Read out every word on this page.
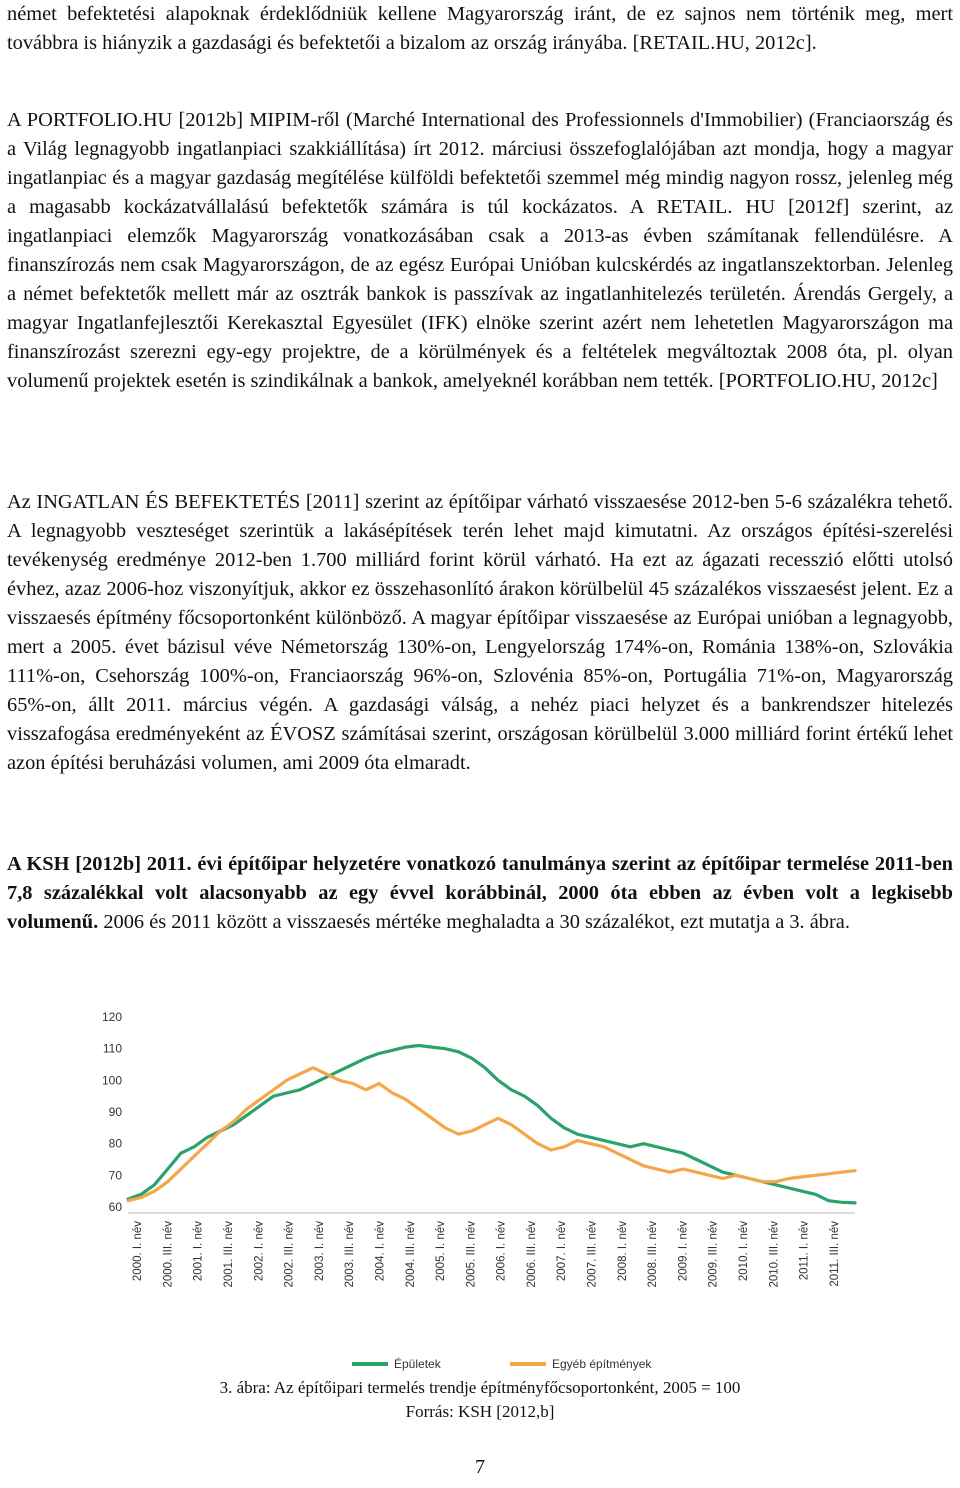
német befektetési alapoknak érdeklődniük kellene Magyarország iránt, de ez sajnos nem történik meg, mert továbbra is hiányzik a gazdasági és befektetői a bizalom az ország irányába. [RETAIL.HU, 2012c].

A PORTFOLIO.HU [2012b] MIPIM-ről (Marché International des Professionnels d'Immobilier) (Franciaország és a Világ legnagyobb ingatlanpiaci szakkiállítása) írt 2012. márciusi összefoglalójában azt mondja, hogy a magyar ingatlanpiac és a magyar gazdaság megítélése külföldi befektetői szemmel még mindig nagyon rossz, jelenleg még a magasabb kockázatvállalású befektetők számára is túl kockázatos. A RETAIL. HU [2012f] szerint, az ingatlanpiaci elemzők Magyarország vonatkozásában csak a 2013-as évben számítanak fellendülésre. A finanszírozás nem csak Magyarországon, de az egész Európai Unióban kulcskérdés az ingatlanszektorban. Jelenleg a német befektetők mellett már az osztrák bankok is passzívak az ingatlanhitelezés területén. Árendás Gergely, a magyar Ingatlanfejlesztői Kerekasztal Egyesület (IFK) elnöke szerint azért nem lehetetlen Magyarországon ma finanszírozást szerezni egy-egy projektre, de a körülmények és a feltételek megváltoztak 2008 óta, pl. olyan volumenű projektek esetén is szindikálnak a bankok, amelyeknél korábban nem tették. [PORTFOLIO.HU, 2012c]

Az INGATLAN ÉS BEFEKTETÉS [2011] szerint az építőipar várható visszaesése 2012-ben 5-6 százalékra tehető. A legnagyobb veszteséget szerintük a lakásépítések terén lehet majd kimutatni. Az országos építési-szerelési tevékenység eredménye 2012-ben 1.700 milliárd forint körül várható. Ha ezt az ágazati recesszió előtti utolsó évhez, azaz 2006-hoz viszonyítjuk, akkor ez összehasonlító árakon körülbelül 45 százalékos visszaesést jelent. Ez a visszaesés építmény főcsoportonként különböző. A magyar építőipar visszaesése az Európai unióban a legnagyobb, mert a 2005. évet bázisul véve Németország 130%-on, Lengyelország 174%-on, Románia 138%-on, Szlovákia 111%-on, Csehország 100%-on, Franciaország 96%-on, Szlovénia 85%-on, Portugália 71%-on, Magyarország 65%-on, állt 2011. március végén. A gazdasági válság, a nehéz piaci helyzet és a bankrendszer hitelezés visszafogása eredményeként az ÉVOSZ számításai szerint, országosan körülbelül 3.000 milliárd forint értékű lehet azon építési beruházási volumen, ami 2009 óta elmaradt.

A KSH [2012b] 2011. évi építőipar helyzetére vonatkozó tanulmánya szerint az építőipar termelése 2011-ben 7,8 százalékkal volt alacsonyabb az egy évvel korábbinál, 2000 óta ebben az évben volt a legkisebb volumenű. 2006 és 2011 között a visszaesés mértéke meghaladta a 30 százalékot, ezt mutatja a 3. ábra.

60
70
80
90
100
110
120
2000. I. név 2000. III. név 2001. I. név 2001. III. név 2002. I. név 2002. III. név 2003. I. név 2003. III. név 2004. I. név 2004. III. név 2005. I. név 2005. III. név 2006. I. név 2006. III. név 2007. I. név 2007. III. név 2008. I. név 2008. III. név 2009. I. név 2009. III. név 2010. I. név 2010. III. név 2011. I. név 2011. III. név
Épületek	Egyéb építmények

3. ábra: Az építőipari termelés trendje építményfőcsoportonként, 2005 = 100

Forrás: KSH [2012,b]

7
